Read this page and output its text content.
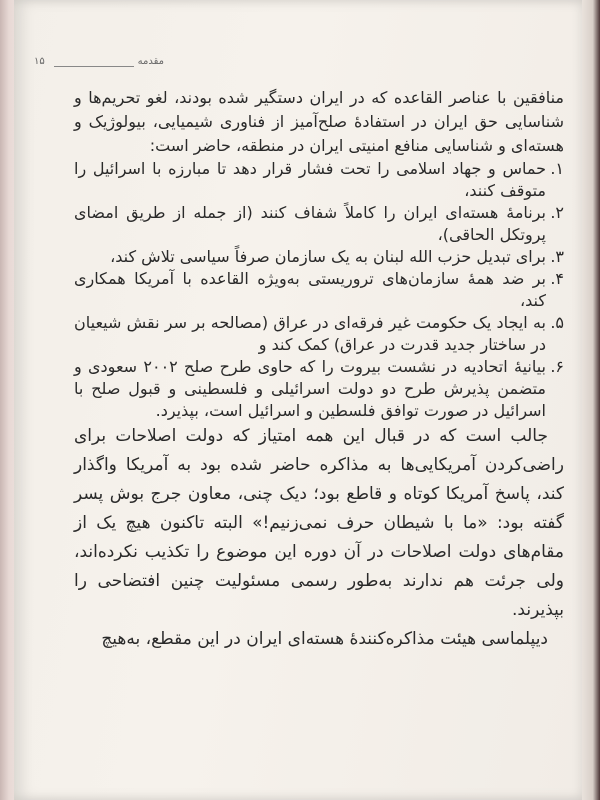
۱۵	مقدمه

منافقین با عناصر القاعده که در ایران دستگیر شده بودند، لغو تحریم‌ها و شناسایی حق ایران در استفادهٔ صلح‌آمیز از فناوری شیمیایی، بیولوژیک و هسته‌ای و شناسایی منافع امنیتی ایران در منطقه، حاضر است:

۱.حماس و جهاد اسلامی را تحت فشار قرار دهد تا مبارزه با اسرائیل را متوقف کنند،

۲.برنامهٔ هسته‌ای ایران را کاملاً شفاف کنند (از جمله از طریق امضای پروتکل الحاقی)،

۳.برای تبدیل حزب الله لبنان به یک سازمان صرفاً سیاسی تلاش کند،

۴.بر ضد همهٔ سازمان‌های تروریستی به‌ویژه القاعده با آمریکا همکاری کند،

۵.به ایجاد یک حکومت غیر فرقه‌ای در عراق (مصالحه بر سر نقش شیعیان در ساختار جدید قدرت در عراق) کمک کند و

۶.بیانیهٔ اتحادیه در نشست بیروت را که حاوی طرح صلح ۲۰۰۲ سعودی و متضمن پذیرش طرح دو دولت اسرائیلی و فلسطینی و قبول صلح با اسرائیل در صورت توافق فلسطین و اسرائیل است، بپذیرد.

جالب است که در قبال این همه امتیاز که دولت اصلاحات برای راضی‌کردن آمریکایی‌ها به مذاکره حاضر شده بود به آمریکا واگذار کند، پاسخ آمریکا کوتاه و قاطع بود؛ دیک چنی، معاون جرج بوش پسر گفته بود: «ما با شیطان حرف نمی‌زنیم!» البته تاکنون هیچ یک از مقام‌های دولت اصلاحات در آن دوره این موضوع را تکذیب نکرده‌اند، ولی جرئت هم ندارند به‌طور رسمی مسئولیت چنین افتضاحی را بپذیرند.

دیپلماسی هیئت مذاکره‌کنندهٔ هسته‌ای ایران در این مقطع، به‌هیچ
